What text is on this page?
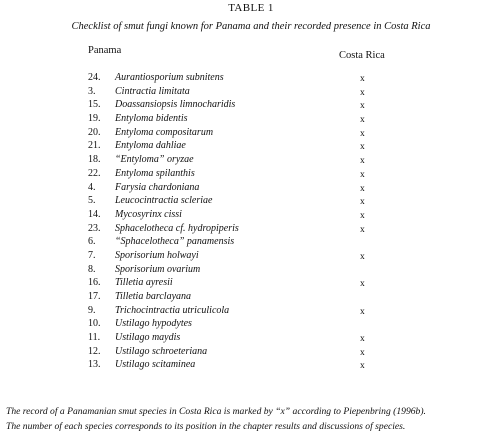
TABLE 1
Checklist of smut fungi known for Panama and their recorded presence in Costa Rica
Panama	Costa Rica
24. Aurantiosporium subnitens	x
3. Cintractia limitata	x
15. Doassansiopsis limnocharidis	x
19. Entyloma bidentis	x
20. Entyloma compositarum	x
21. Entyloma dahliae	x
18. “Entyloma” oryzae	x
22. Entyloma spilanthis	x
4. Farysia chardoniana	x
5. Leucocintractia scleriae	x
14. Mycosyrinx cissi	x
23. Sphacelotheca cf. hydropiperis	x
6. “Sphacelotheca” panamensis
7. Sporisorium holwayi	x
8. Sporisorium ovarium
16. Tilletia ayresii	x
17. Tilletia barclayana
9. Trichocintractia utriculicola	x
10. Ustilago hypodytes
11. Ustilago maydis	x
12. Ustilago schroeteriana	x
13. Ustilago scitaminea	x
The record of a Panamanian smut species in Costa Rica is marked by “x” according to Piepenbring (1996b).
The number of each species corresponds to its position in the chapter results and discussions of species.
